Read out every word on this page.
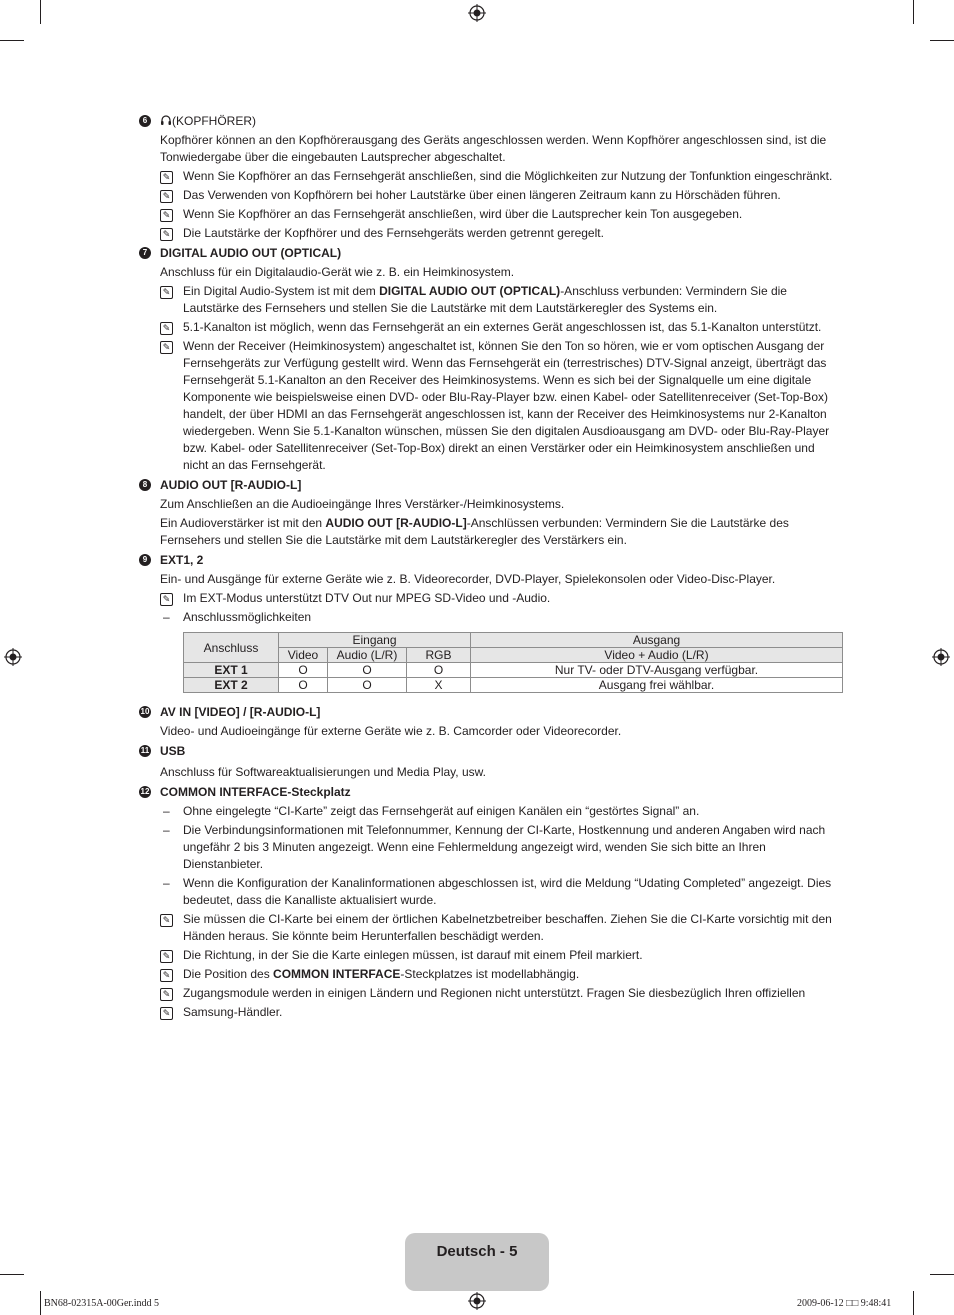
6	(KOPFHÖRER)
Kopfhörer können an den Kopfhörerausgang des Geräts angeschlossen werden. Wenn Kopfhörer angeschlossen sind, ist die Tonwiedergabe über die eingebauten Lautsprecher abgeschaltet.
✎ Wenn Sie Kopfhörer an das Fernsehgerät anschließen, sind die Möglichkeiten zur Nutzung der Tonfunktion eingeschränkt.
✎ Das Verwenden von Kopfhörern bei hoher Lautstärke über einen längeren Zeitraum kann zu Hörschäden führen.
✎ Wenn Sie Kopfhörer an das Fernsehgerät anschließen, wird über die Lautsprecher kein Ton ausgegeben.
✎ Die Lautstärke der Kopfhörer und des Fernsehgeräts werden getrennt geregelt.
7	DIGITAL AUDIO OUT (OPTICAL)
Anschluss für ein Digitalaudio-Gerät wie z. B. ein Heimkinosystem.
✎ Ein Digital Audio-System ist mit dem DIGITAL AUDIO OUT (OPTICAL)-Anschluss verbunden: Vermindern Sie die Lautstärke des Fernsehers und stellen Sie die Lautstärke mit dem Lautstärkeregler des Systems ein.
✎ 5.1-Kanalton ist möglich, wenn das Fernsehgerät an ein externes Gerät angeschlossen ist, das 5.1-Kanalton unterstützt.
✎ Wenn der Receiver (Heimkinosystem) angeschaltet ist, können Sie den Ton so hören, wie er vom optischen Ausgang der Fernsehgeräts zur Verfügung gestellt wird. Wenn das Fernsehgerät ein (terrestrisches) DTV-Signal anzeigt, überträgt das Fernsehgerät 5.1-Kanalton an den Receiver des Heimkinosystems. Wenn es sich bei der Signalquelle um eine digitale Komponente wie beispielsweise einen DVD- oder Blu-Ray-Player bzw. einen Kabel- oder Satellitenreceiver (Set-Top-Box) handelt, der über HDMI an das Fernsehgerät angeschlossen ist, kann der Receiver des Heimkinosystems nur 2-Kanalton wiedergeben. Wenn Sie 5.1-Kanalton wünschen, müssen Sie den digitalen Ausdioausgang am DVD- oder Blu-Ray-Player bzw. Kabel- oder Satellitenreceiver (Set-Top-Box) direkt an einen Verstärker oder ein Heimkinosystem anschließen und nicht an das Fernsehgerät.
8	AUDIO OUT [R-AUDIO-L]
Zum Anschließen an die Audioeingänge Ihres Verstärker-/Heimkinosystems.
Ein Audioverstärker ist mit den AUDIO OUT [R-AUDIO-L]-Anschlüssen verbunden: Vermindern Sie die Lautstärke des Fernsehers und stellen Sie die Lautstärke mit dem Lautstärkeregler des Verstärkers ein.
9	EXT1, 2
Ein- und Ausgänge für externe Geräte wie z. B. Videorecorder, DVD-Player, Spielekonsolen oder Video-Disc-Player.
✎ Im EXT-Modus unterstützt DTV Out nur MPEG SD-Video und -Audio.
– Anschlussmöglichkeiten
Anschluss	Eingang			Ausgang
	Video	Audio (L/R)	RGB	Video + Audio (L/R)
EXT 1	O	O	O	Nur TV- oder DTV-Ausgang verfügbar.
EXT 2	O	O	X	Ausgang frei wählbar.
10 AV IN [VIDEO] / [R-AUDIO-L]
Video- und Audioeingänge für externe Geräte wie z. B. Camcorder oder Videorecorder.
11 USB
Anschluss für Softwareaktualisierungen und Media Play, usw.
12 COMMON INTERFACE-Steckplatz
– Ohne eingelegte “CI-Karte” zeigt das Fernsehgerät auf einigen Kanälen ein “gestörtes Signal” an.
– Die Verbindungsinformationen mit Telefonnummer, Kennung der CI-Karte, Hostkennung und anderen Angaben wird nach ungefähr 2 bis 3 Minuten angezeigt. Wenn eine Fehlermeldung angezeigt wird, wenden Sie sich bitte an Ihren Dienstanbieter.
– Wenn die Konfiguration der Kanalinformationen abgeschlossen ist, wird die Meldung “Udating Completed” angezeigt. Dies bedeutet, dass die Kanalliste aktualisiert wurde.
✎ Sie müssen die CI-Karte bei einem der örtlichen Kabelnetzbetreiber beschaffen. Ziehen Sie die CI-Karte vorsichtig mit den Händen heraus. Sie könnte beim Herunterfallen beschädigt werden.
✎ Die Richtung, in der Sie die Karte einlegen müssen, ist darauf mit einem Pfeil markiert.
✎ Die Position des COMMON INTERFACE-Steckplatzes ist modellabhängig.
✎ Zugangsmodule werden in einigen Ländern und Regionen nicht unterstützt. Fragen Sie diesbezüglich Ihren offiziellen
✎ Samsung-Händler.
Deutsch - 5
BN68-02315A-00Ger.indd 5	2009-06-12 □□ 9:48:41
